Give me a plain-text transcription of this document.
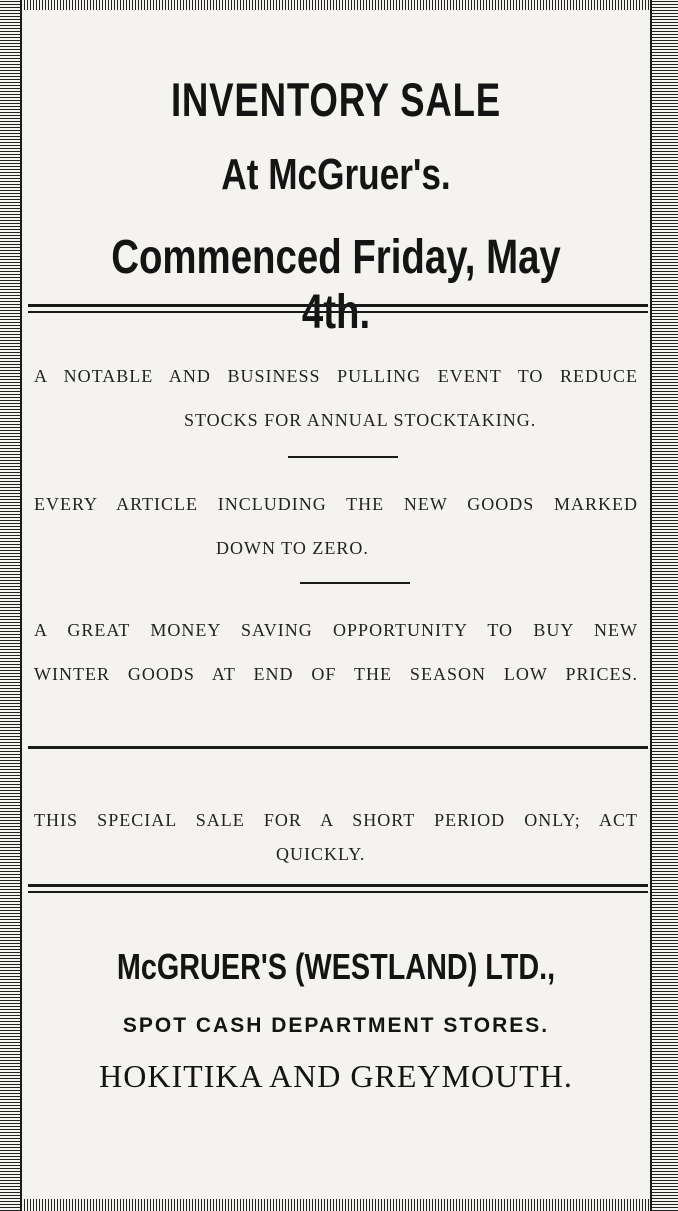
INVENTORY SALE
At McGruer's.
Commenced Friday, May
A NOTABLE AND BUSINESS PULLING EVENT TO REDUCE
STOCKS FOR ANNUAL STOCKTAKING.
EVERY ARTICLE INCLUDING THE NEW GOODS MARKED
DOWN TO ZERO.
A GREAT MONEY SAVING OPPORTUNITY TO BUY NEW
WINTER GOODS AT END OF THE SEASON LOW PRICES.
THIS SPECIAL SALE FOR A SHORT PERIOD ONLY; ACT
QUICKLY.
McGRUER'S (WESTLAND) LTD.,
SPOT CASH DEPARTMENT STORES.
HOKITIKA AND GREYMOUTH.
